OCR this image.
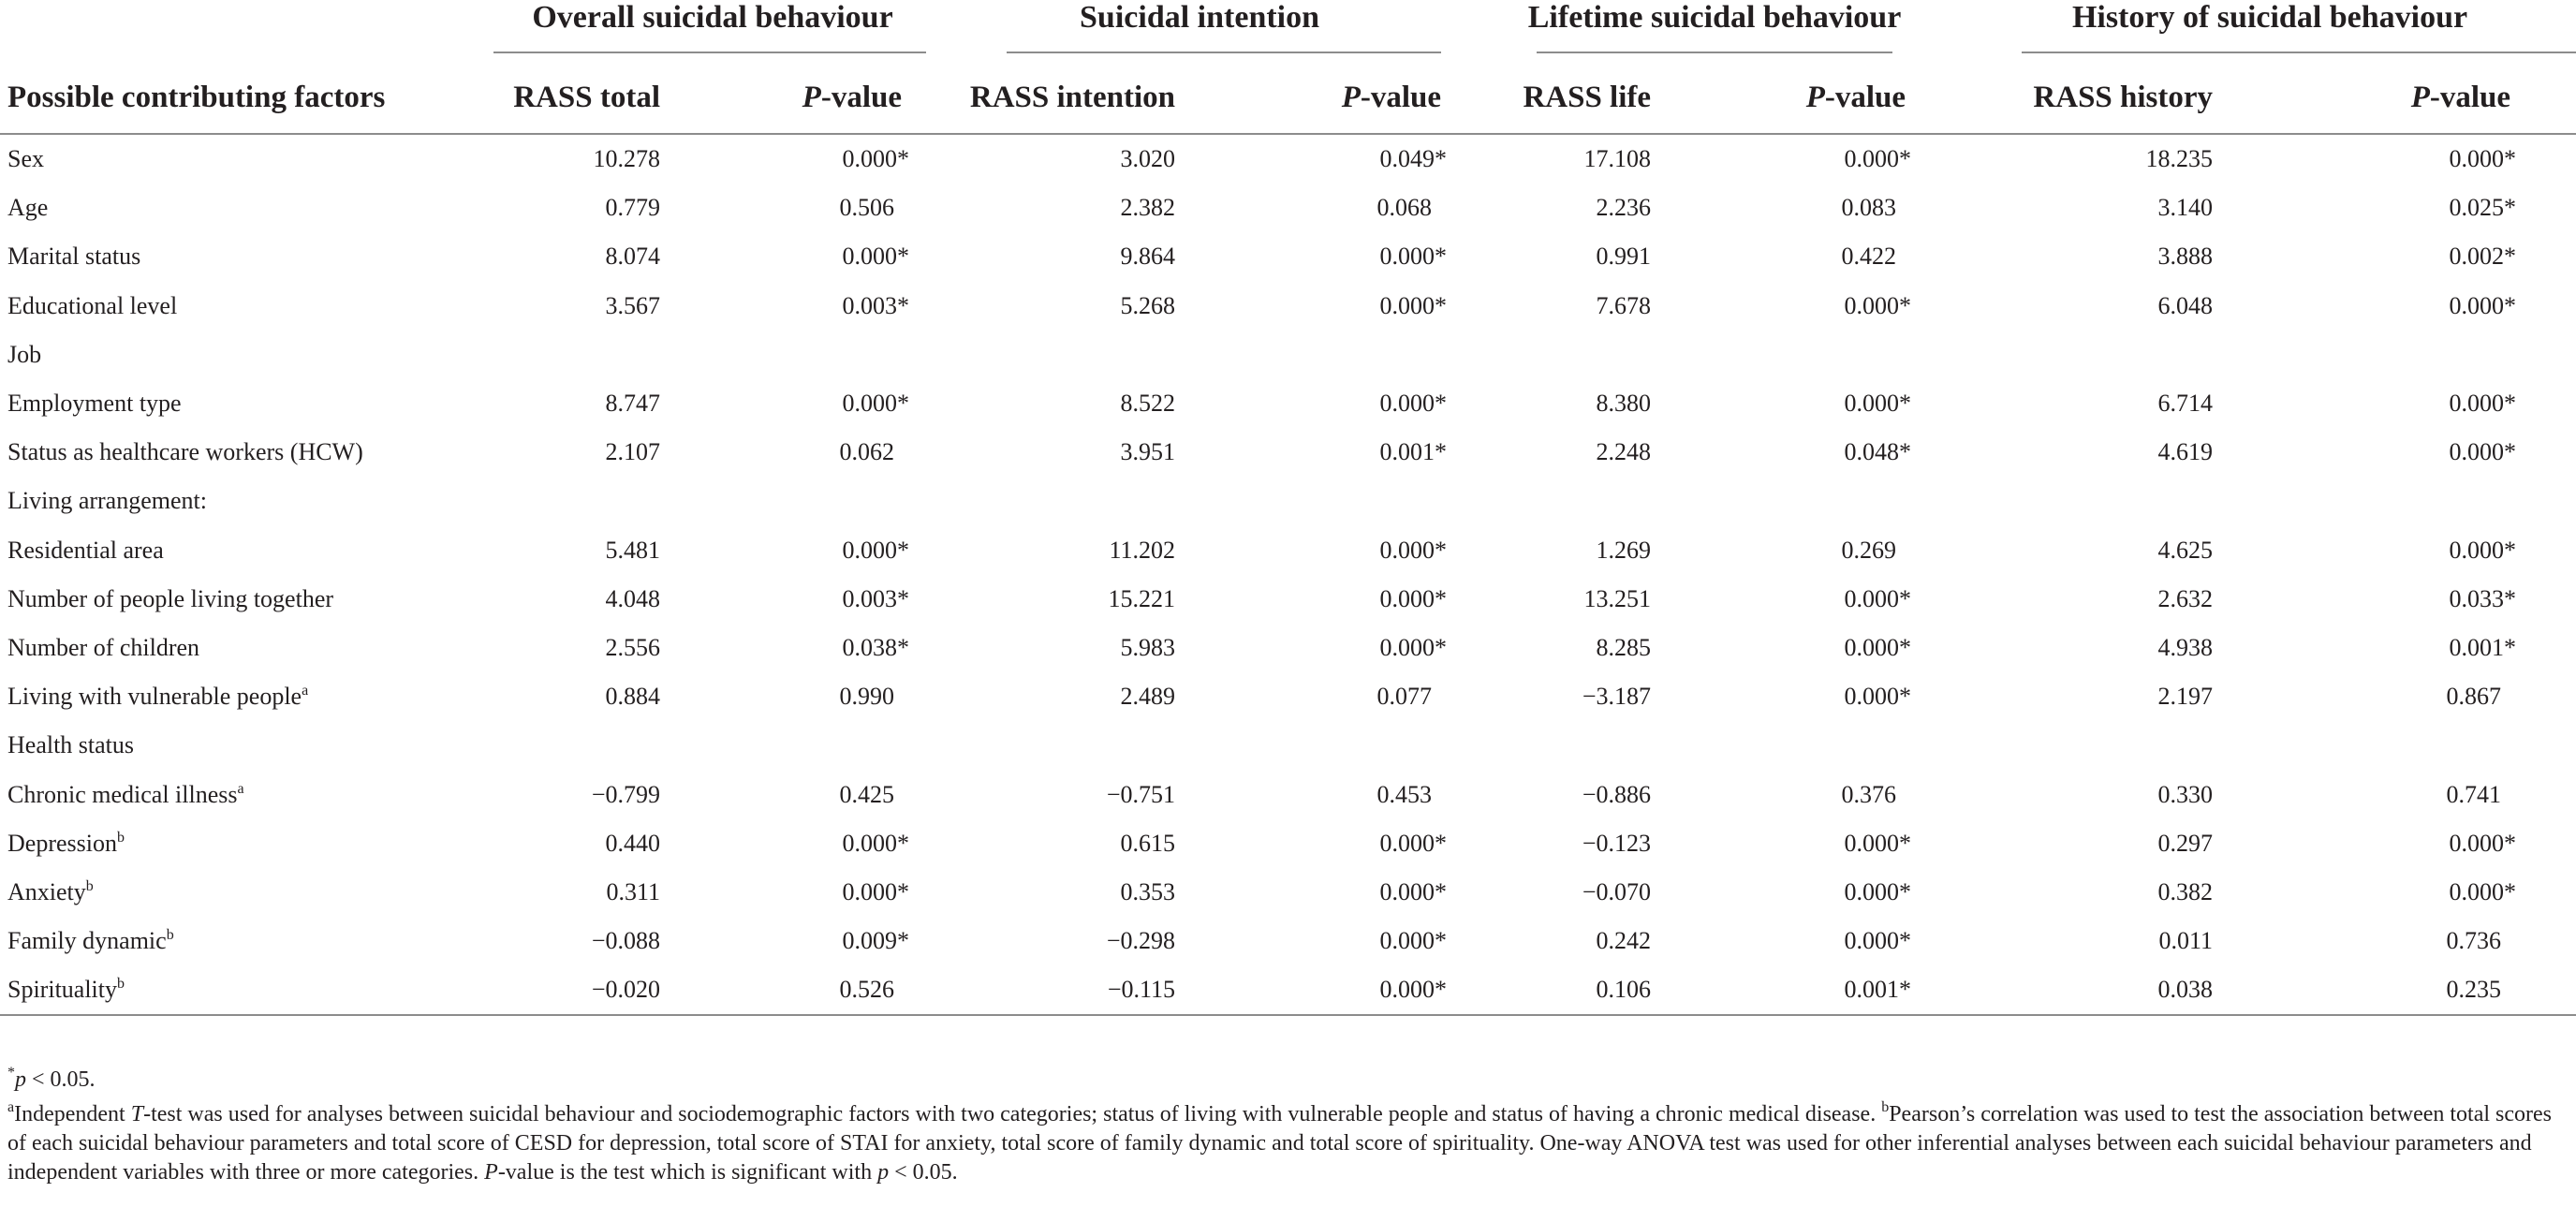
	Overall suicidal behaviour		Suicidal intention		Lifetime suicidal behaviour		History of suicidal behaviour	

Possible contributing factors	RASS total	P-value	RASS intention	P-value	RASS life	P-value	RASS history	P-value
Sex	10.278	0.000*	3.020	0.049*	17.108	0.000*	18.235	0.000*
Age	0.779	0.506	2.382	0.068	2.236	0.083	3.140	0.025*
Marital status	8.074	0.000*	9.864	0.000*	0.991	0.422	3.888	0.002*
Educational level	3.567	0.003*	5.268	0.000*	7.678	0.000*	6.048	0.000*
Job								
Employment type	8.747	0.000*	8.522	0.000*	8.380	0.000*	6.714	0.000*
Status as healthcare workers (HCW)	2.107	0.062	3.951	0.001*	2.248	0.048*	4.619	0.000*
Living arrangement:								
Residential area	5.481	0.000*	11.202	0.000*	1.269	0.269	4.625	0.000*
Number of people living together	4.048	0.003*	15.221	0.000*	13.251	0.000*	2.632	0.033*
Number of children	2.556	0.038*	5.983	0.000*	8.285	0.000*	4.938	0.001*
Living with vulnerable people$^a$	0.884	0.990	2.489	0.077	−3.187	0.000*	2.197	0.867
Health status								
Chronic medical illness$^a$	−0.799	0.425	−0.751	0.453	−0.886	0.376	0.330	0.741
Depression$^b$	0.440	0.000*	0.615	0.000*	−0.123	0.000*	0.297	0.000*
Anxiety$^b$	0.311	0.000*	0.353	0.000*	−0.070	0.000*	0.382	0.000*
Family dynamic$^b$	−0.088	0.009*	−0.298	0.000*	0.242	0.000*	0.011	0.736
Spirituality$^b$	−0.020	0.526	−0.115	0.000*	0.106	0.001*	0.038	0.235

*p < 0.05.

$^a$Independent T-test was used for analyses between suicidal behaviour and sociodemographic factors with two categories; status of living with vulnerable people and status of having a chronic medical disease. $^b$Pearson’s correlation was used to test the association between total scores of each suicidal behaviour parameters and total score of CESD for depression, total score of STAI for anxiety, total score of family dynamic and total score of spirituality. One-way ANOVA test was used for other inferential analyses between each suicidal behaviour parameters and independent variables with three or more categories. P-value is the test which is significant with p < 0.05.
